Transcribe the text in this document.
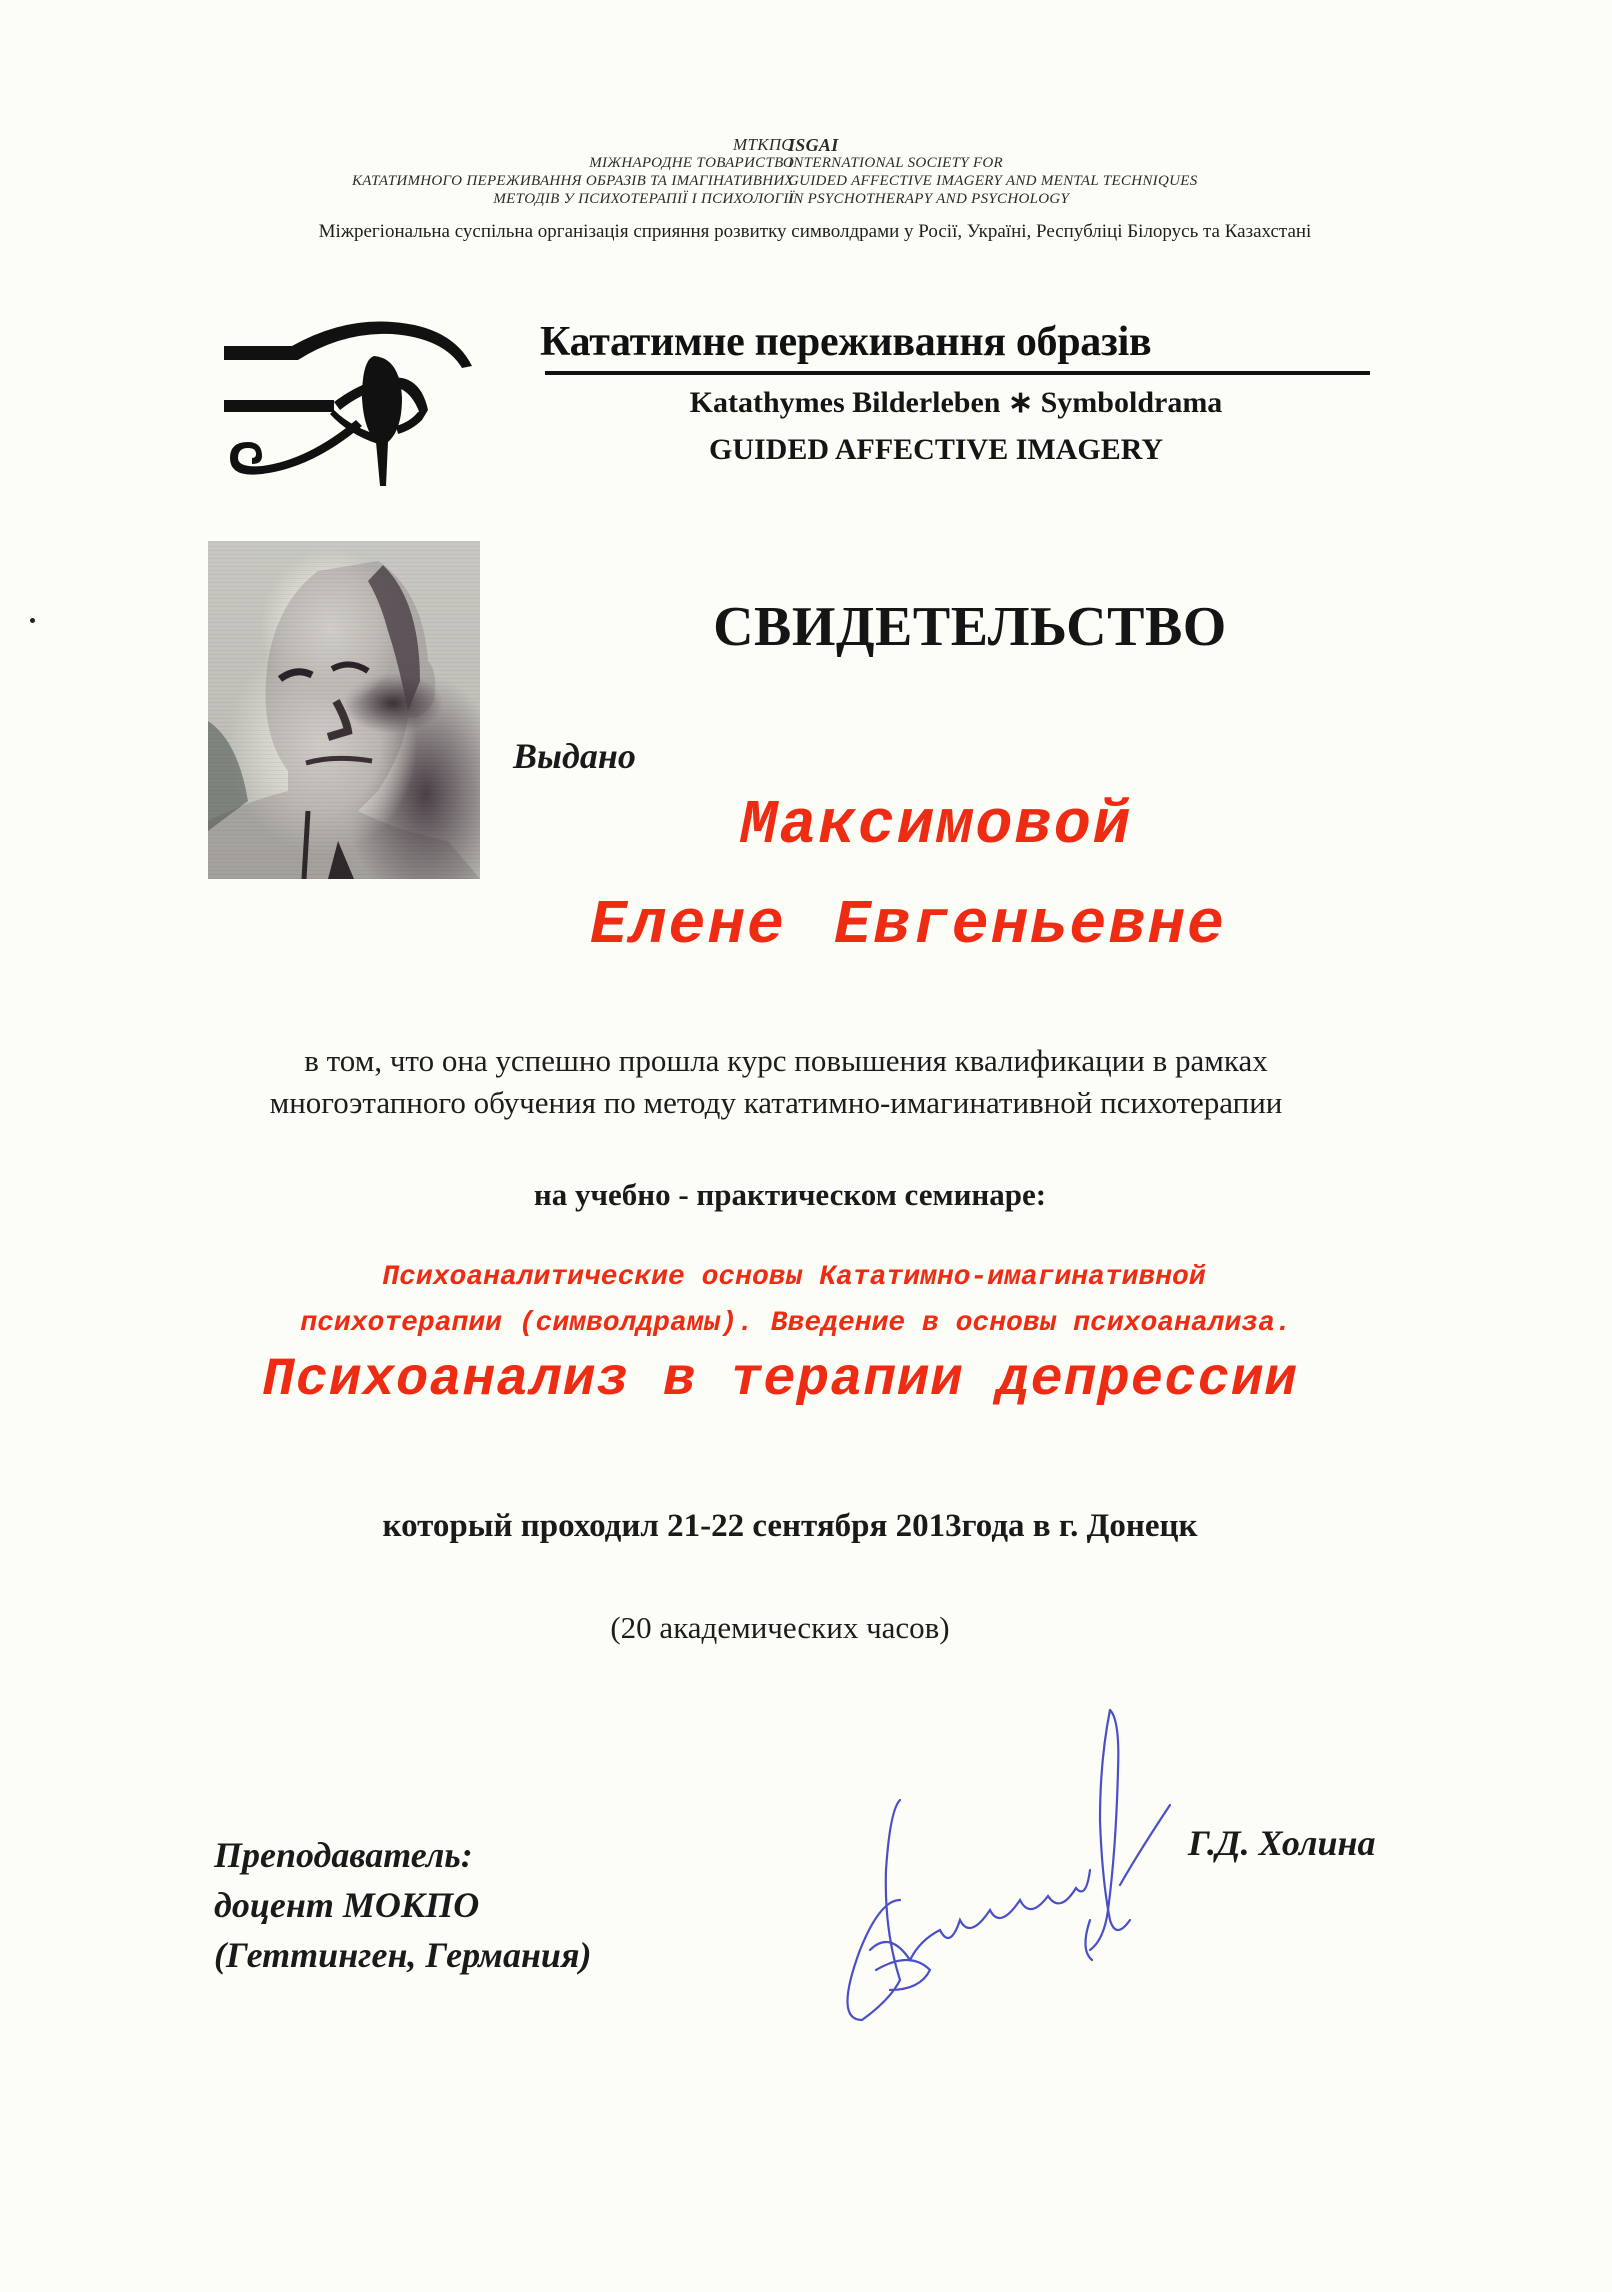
МТКПО
МІЖНАРОДНЕ ТОВАРИСТВО
КАТАТИМНОГО ПЕРЕЖИВАННЯ ОБРАЗІВ ТА ІМАГІНАТИВНИХ
МЕТОДІВ У ПСИХОТЕРАПІЇ І ПСИХОЛОГІЇ
ISGAI
INTERNATIONAL SOCIETY FOR
GUIDED AFFECTIVE IMAGERY AND MENTAL TECHNIQUES
IN PSYCHOTHERAPY AND PSYCHOLOGY
Міжрегіональна суспільна організація сприяння розвитку символдрами у Росії, Україні, Республіці Білорусь та Казахстані
Кататимне переживання образів
Katathymes Bilderleben ∗ Symboldrama
GUIDED AFFECTIVE IMAGERY
СВИДЕТЕЛЬСТВО
Выдано
Максимовой
Елене Евгеньевне
в том, что она успешно прошла курс повышения квалификации в рамках
многоэтапного обучения по методу кататимно-имагинативной психотерапии
на учебно - практическом семинаре:
Психоаналитические основы Кататимно-имагинативной
психотерапии (символдрамы). Введение в основы психоанализа.
Психоанализ в терапии депрессии
который проходил 21-22 сентября 2013года в г. Донецк
(20 академических часов)
Преподаватель:
доцент МОКПО
(Геттинген, Германия)
Г.Д. Холина
